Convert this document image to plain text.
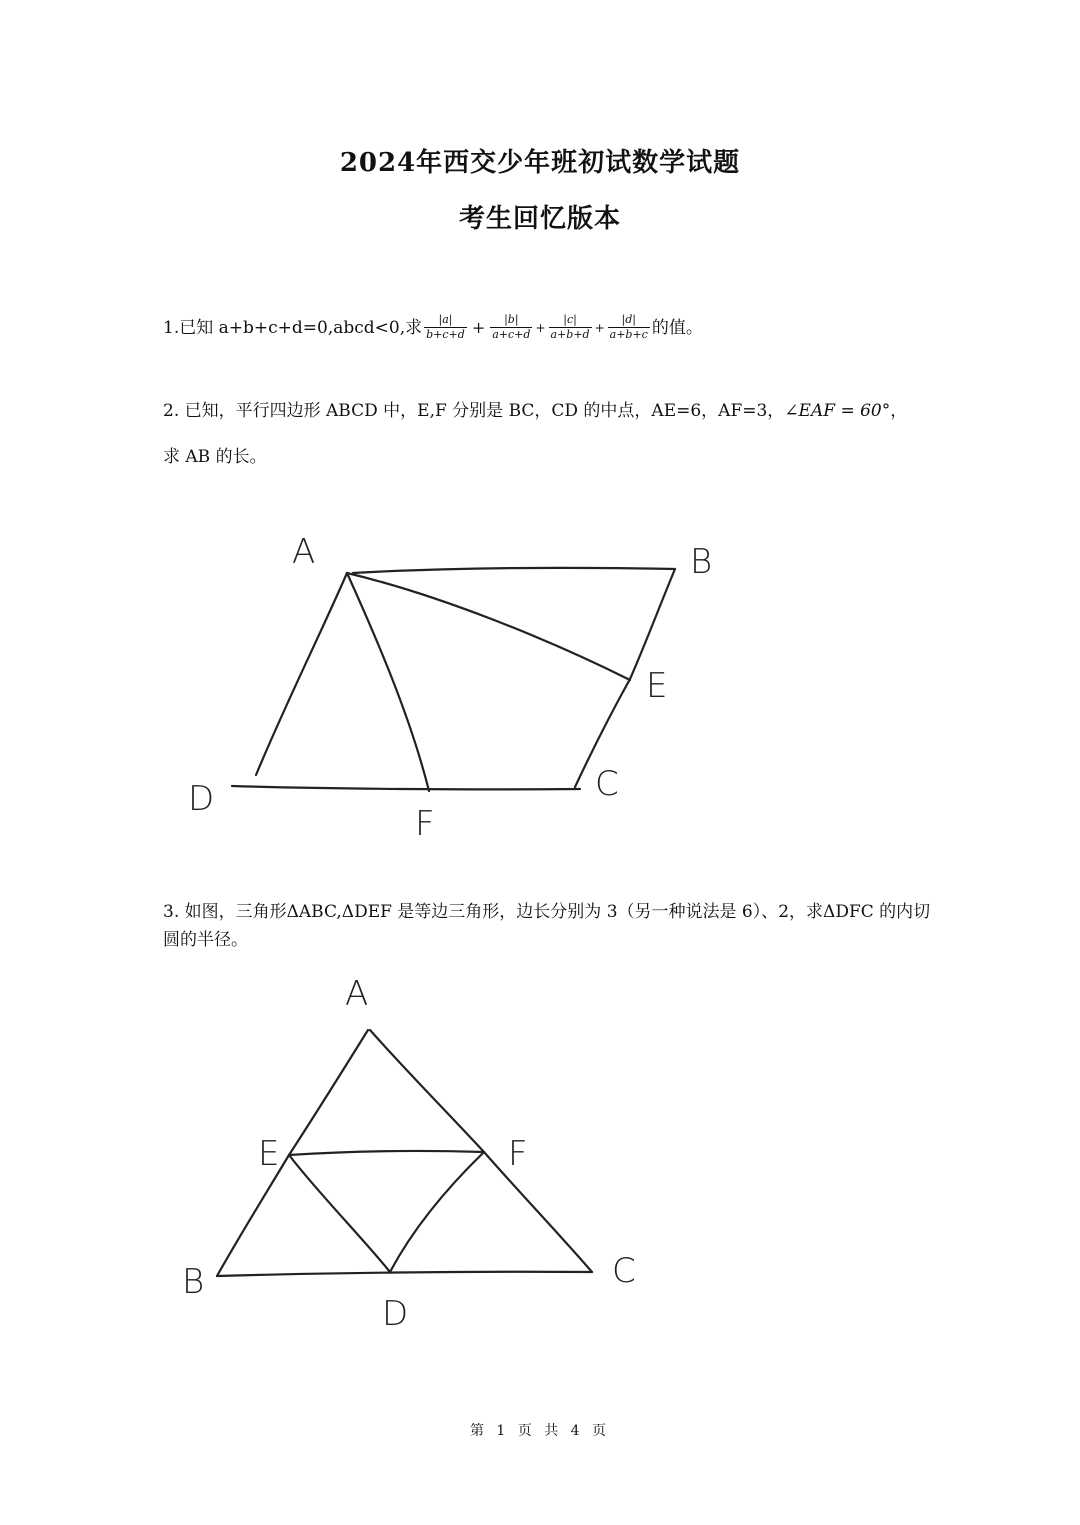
2024年西交少年班初试数学试题
考生回忆版本
1.已知 a+b+c+d=0,abcd<0,求 $\frac{|a|}{b+c+d} + \frac{|b|}{a+c+d} + \frac{|c|}{a+b+d} + \frac{|d|}{a+b+c}$ 的值。
2. 已知，平行四边形 ABCD 中，E,F 分别是 BC，CD 的中点，AE=6，AF=3，∠EAF = 60°，
求 AB 的长。
A	B
C
D
E
F
3. 如图，三角形ΔABC,ΔDEF 是等边三角形，边长分别为 3（另一种说法是 6）、2，求ΔDFC 的内切圆的半径。
A
B	C
D
E	F
第 1 页 共 4 页
